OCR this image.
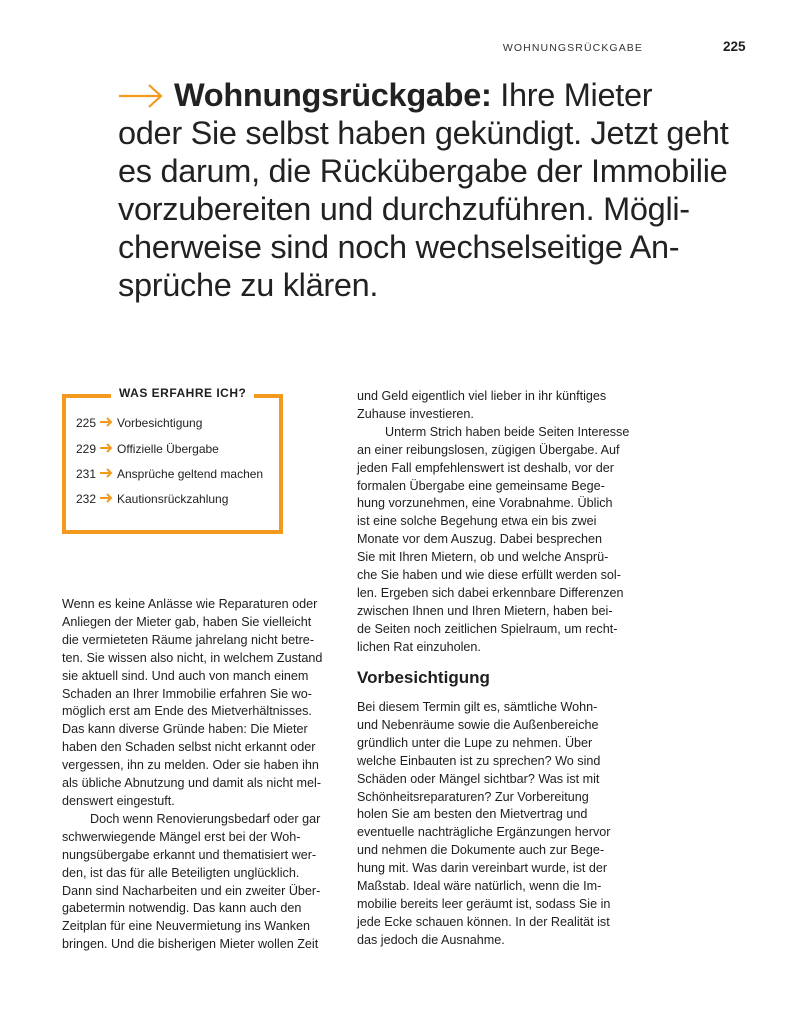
WOHNUNGSRÜCKGABE	225
Wohnungsrückgabe: Ihre Mieter
oder Sie selbst haben gekündigt. Jetzt geht
es darum, die Rückübergabe der Immobilie
vorzubereiten und durchzuführen. Mögli-
cherweise sind noch wechselseitige An-
sprüche zu klären.
WAS ERFAHRE ICH?
225 Vorbesichtigung
229 Offizielle Übergabe
231 Ansprüche geltend machen
232 Kautionsrückzahlung
Wenn es keine Anlässe wie Reparaturen oder
Anliegen der Mieter gab, haben Sie vielleicht
die vermieteten Räume jahrelang nicht betre-
ten. Sie wissen also nicht, in welchem Zustand
sie aktuell sind. Und auch von manch einem
Schaden an Ihrer Immobilie erfahren Sie wo-
möglich erst am Ende des Mietverhältnisses.
Das kann diverse Gründe haben: Die Mieter
haben den Schaden selbst nicht erkannt oder
vergessen, ihn zu melden. Oder sie haben ihn
als übliche Abnutzung und damit als nicht mel-
denswert eingestuft.
Doch wenn Renovierungsbedarf oder gar
schwerwiegende Mängel erst bei der Woh-
nungsübergabe erkannt und thematisiert wer-
den, ist das für alle Beteiligten unglücklich.
Dann sind Nacharbeiten und ein zweiter Über-
gabetermin notwendig. Das kann auch den
Zeitplan für eine Neuvermietung ins Wanken
bringen. Und die bisherigen Mieter wollen Zeit
und Geld eigentlich viel lieber in ihr künftiges
Zuhause investieren.
Unterm Strich haben beide Seiten Interesse
an einer reibungslosen, zügigen Übergabe. Auf
jeden Fall empfehlenswert ist deshalb, vor der
formalen Übergabe eine gemeinsame Bege-
hung vorzunehmen, eine Vorabnahme. Üblich
ist eine solche Begehung etwa ein bis zwei
Monate vor dem Auszug. Dabei besprechen
Sie mit Ihren Mietern, ob und welche Ansprü-
che Sie haben und wie diese erfüllt werden sol-
len. Ergeben sich dabei erkennbare Differenzen
zwischen Ihnen und Ihren Mietern, haben bei-
de Seiten noch zeitlichen Spielraum, um recht-
lichen Rat einzuholen.
Vorbesichtigung
Bei diesem Termin gilt es, sämtliche Wohn-
und Nebenräume sowie die Außenbereiche
gründlich unter die Lupe zu nehmen. Über
welche Einbauten ist zu sprechen? Wo sind
Schäden oder Mängel sichtbar? Was ist mit
Schönheitsreparaturen? Zur Vorbereitung
holen Sie am besten den Mietvertrag und
eventuelle nachträgliche Ergänzungen hervor
und nehmen die Dokumente auch zur Bege-
hung mit. Was darin vereinbart wurde, ist der
Maßstab. Ideal wäre natürlich, wenn die Im-
mobilie bereits leer geräumt ist, sodass Sie in
jede Ecke schauen können. In der Realität ist
das jedoch die Ausnahme.
